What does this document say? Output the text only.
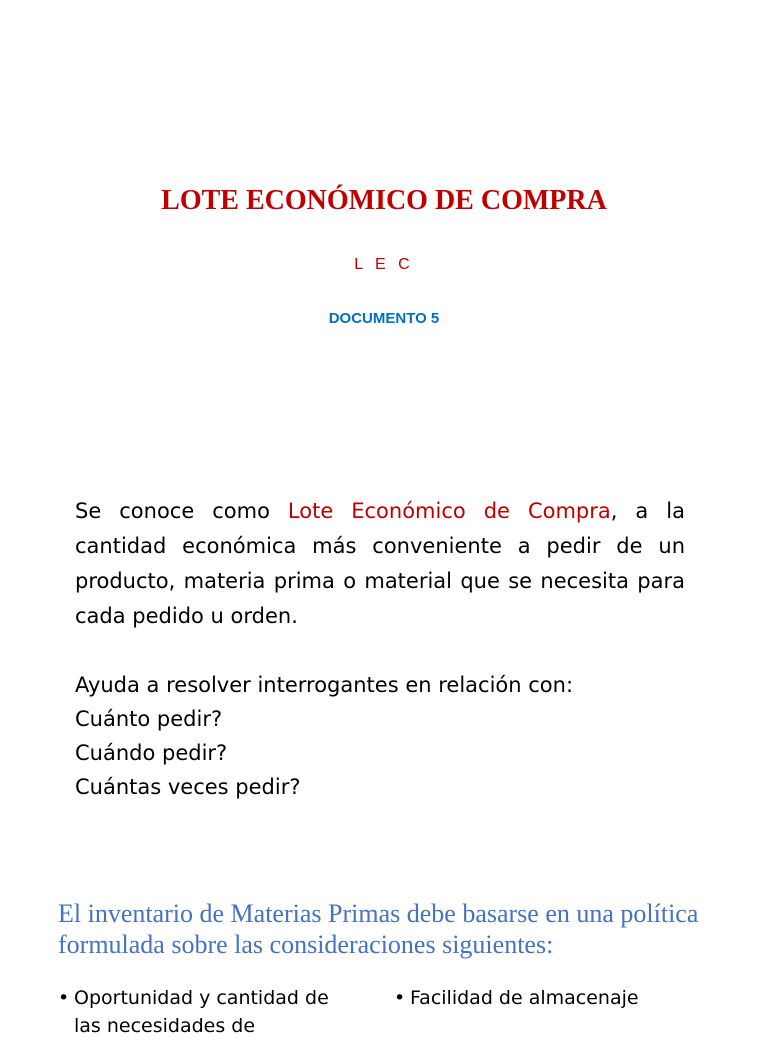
LOTE ECONÓMICO DE COMPRA
L E C
DOCUMENTO 5

Se conoce como Lote Económico de Compra, a la cantidad económica más conveniente a pedir de un producto, materia prima o material que se necesita para cada pedido u orden.

Ayuda a resolver interrogantes en relación con:
Cuánto pedir?
Cuándo pedir?
Cuántas veces pedir?

El inventario de Materias Primas debe basarse en una política formulada sobre las consideraciones siguientes:

• Oportunidad y cantidad de las necesidades de
• Facilidad de almacenaje
